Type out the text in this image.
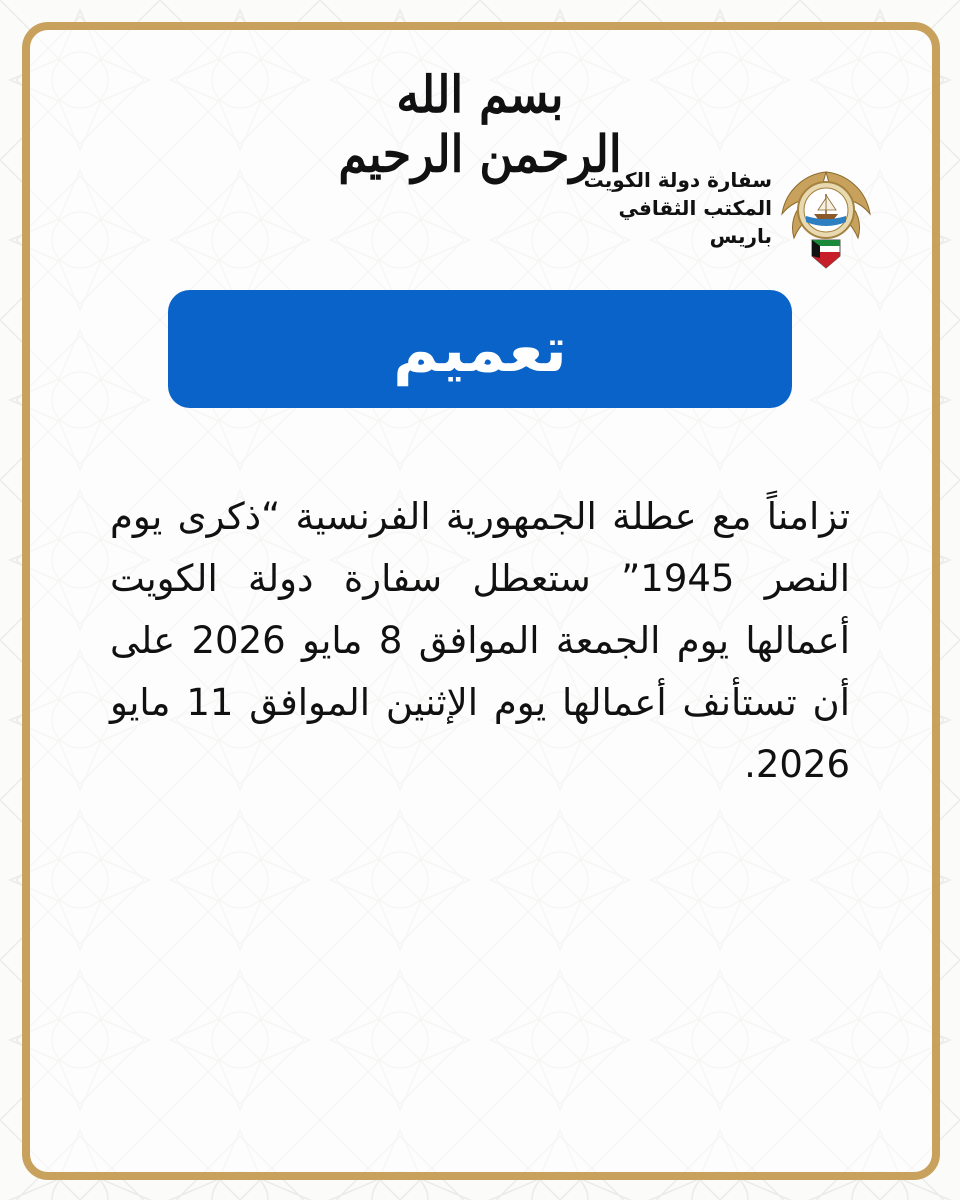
بسم الله الرحمن الرحيم
سفارة دولة الكويت
المكتب الثقافي
باريس
تعميم
تزامناً مع عطلة الجمهورية الفرنسية “ذكرى يوم النصر 1945” ستعطل سفارة دولة الكويت أعمالها يوم الجمعة الموافق 8 مايو 2026 على أن تستأنف أعمالها يوم الإثنين الموافق 11 مايو 2026.
